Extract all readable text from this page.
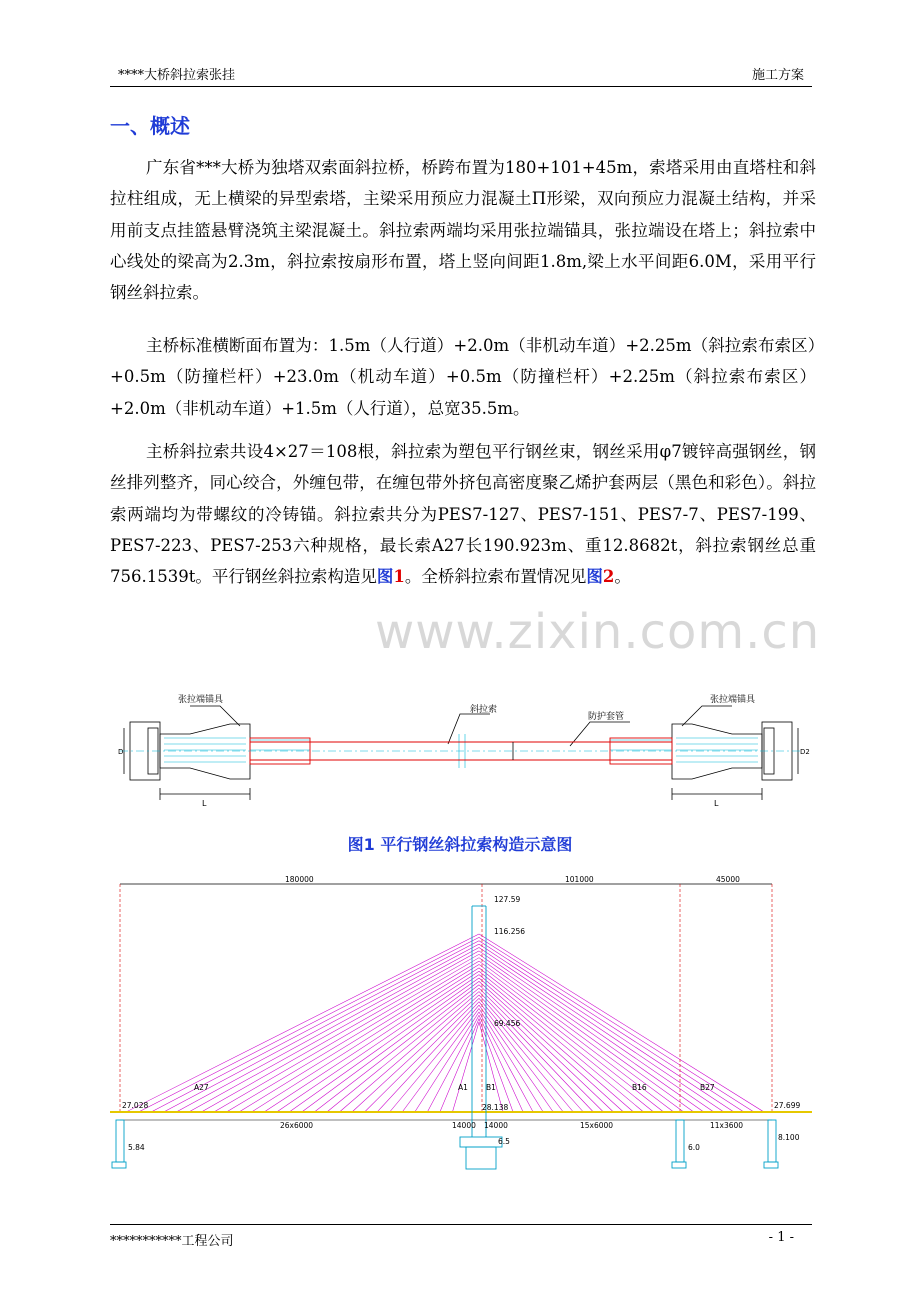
****大桥斜拉索张挂	施工方案
一、概述

广东省***大桥为独塔双索面斜拉桥，桥跨布置为180+101+45m，索塔采用由直塔柱和斜拉柱组成，无上横梁的异型索塔，主梁采用预应力混凝土Π形梁，双向预应力混凝土结构，并采用前支点挂篮悬臂浇筑主梁混凝土。斜拉索两端均采用张拉端锚具，张拉端设在塔上；斜拉索中心线处的梁高为2.3m，斜拉索按扇形布置，塔上竖向间距1.8m,梁上水平间距6.0M，采用平行钢丝斜拉索。

主桥标准横断面布置为：1.5m（人行道）+2.0m（非机动车道）+2.25m（斜拉索布索区）+0.5m（防撞栏杆）+23.0m（机动车道）+0.5m（防撞栏杆）+2.25m（斜拉索布索区）+2.0m（非机动车道）+1.5m（人行道），总宽35.5m。

主桥斜拉索共设4×27＝108根，斜拉索为塑包平行钢丝束，钢丝采用φ7镀锌高强钢丝，钢丝排列整齐，同心绞合，外缠包带，在缠包带外挤包高密度聚乙烯护套两层（黑色和彩色）。斜拉索两端均为带螺纹的冷铸锚。斜拉索共分为PES7-127、PES7-151、PES7-7、PES7-199、PES7-223、PES7-253六种规格，最长索A27长190.923m、重12.8682t，斜拉索钢丝总重756.1539t。平行钢丝斜拉索构造见图1。全桥斜拉索布置情况见图2。

www.zixin.com.cn
张拉端锚具	张拉端锚具
斜拉索
防护套管
L	L
D	D2
图1 平行钢丝斜拉索构造示意图
180000	101000	45000
127.59
116.256
69.456
28.138
27.028	27.699
A27	A1 B1	B16	B27
26x6000	14000 14000	15x6000	11x3600
5.84
6.5
6.0
8.100
***********工程公司	- 1 -
